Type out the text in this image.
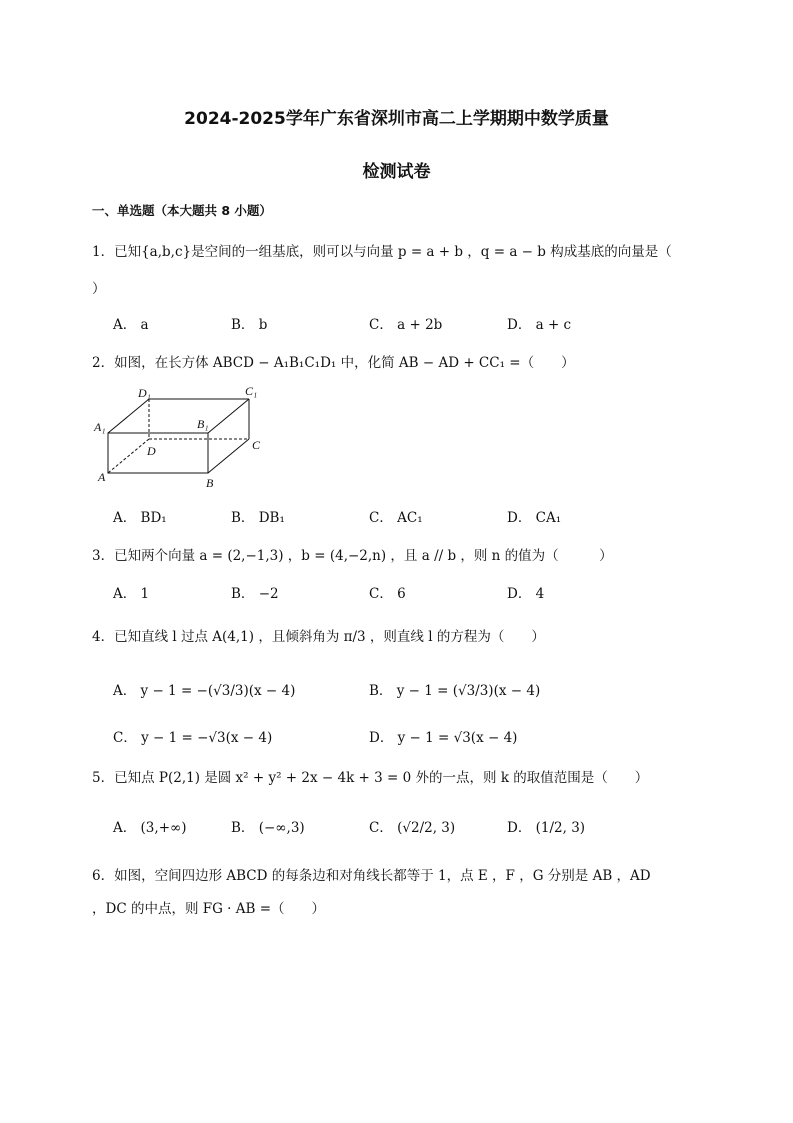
2024-2025学年广东省深圳市高二上学期期中数学质量
检测试卷
一、单选题（本大题共 8 小题）
1．已知{a,b,c}是空间的一组基底，则可以与向量 p = a + b ，q = a − b 构成基底的向量是（
）
A． a	B． b	C． a + 2b	D． a + c
2．如图，在长方体 ABCD − A₁B₁C₁D₁ 中，化简 AB − AD + CC₁ =（　　）
D₁	C₁
A₁	B₁
D	C
A	B
A． BD₁	B． DB₁	C． AC₁	D． CA₁
3．已知两个向量 a = (2,−1,3) ，b = (4,−2,n) ，且 a // b ，则 n 的值为（　　　）
A． 1	B． −2	C． 6	D． 4
4．已知直线 l 过点 A(4,1) ，且倾斜角为 π/3 ，则直线 l 的方程为（　　）
A． y − 1 = −(√3/3)(x − 4)	B． y − 1 = (√3/3)(x − 4)
C． y − 1 = −√3(x − 4)	D． y − 1 = √3(x − 4)
5．已知点 P(2,1) 是圆 x² + y² + 2x − 4k + 3 = 0 外的一点，则 k 的取值范围是（　　）
A． (3,+∞)	B． (−∞,3)	C． (√2/2, 3)	D． (1/2, 3)
6．如图，空间四边形 ABCD 的每条边和对角线长都等于 1，点 E ，F ，G 分别是 AB ，AD
，DC 的中点，则 FG · AB =（　　）
